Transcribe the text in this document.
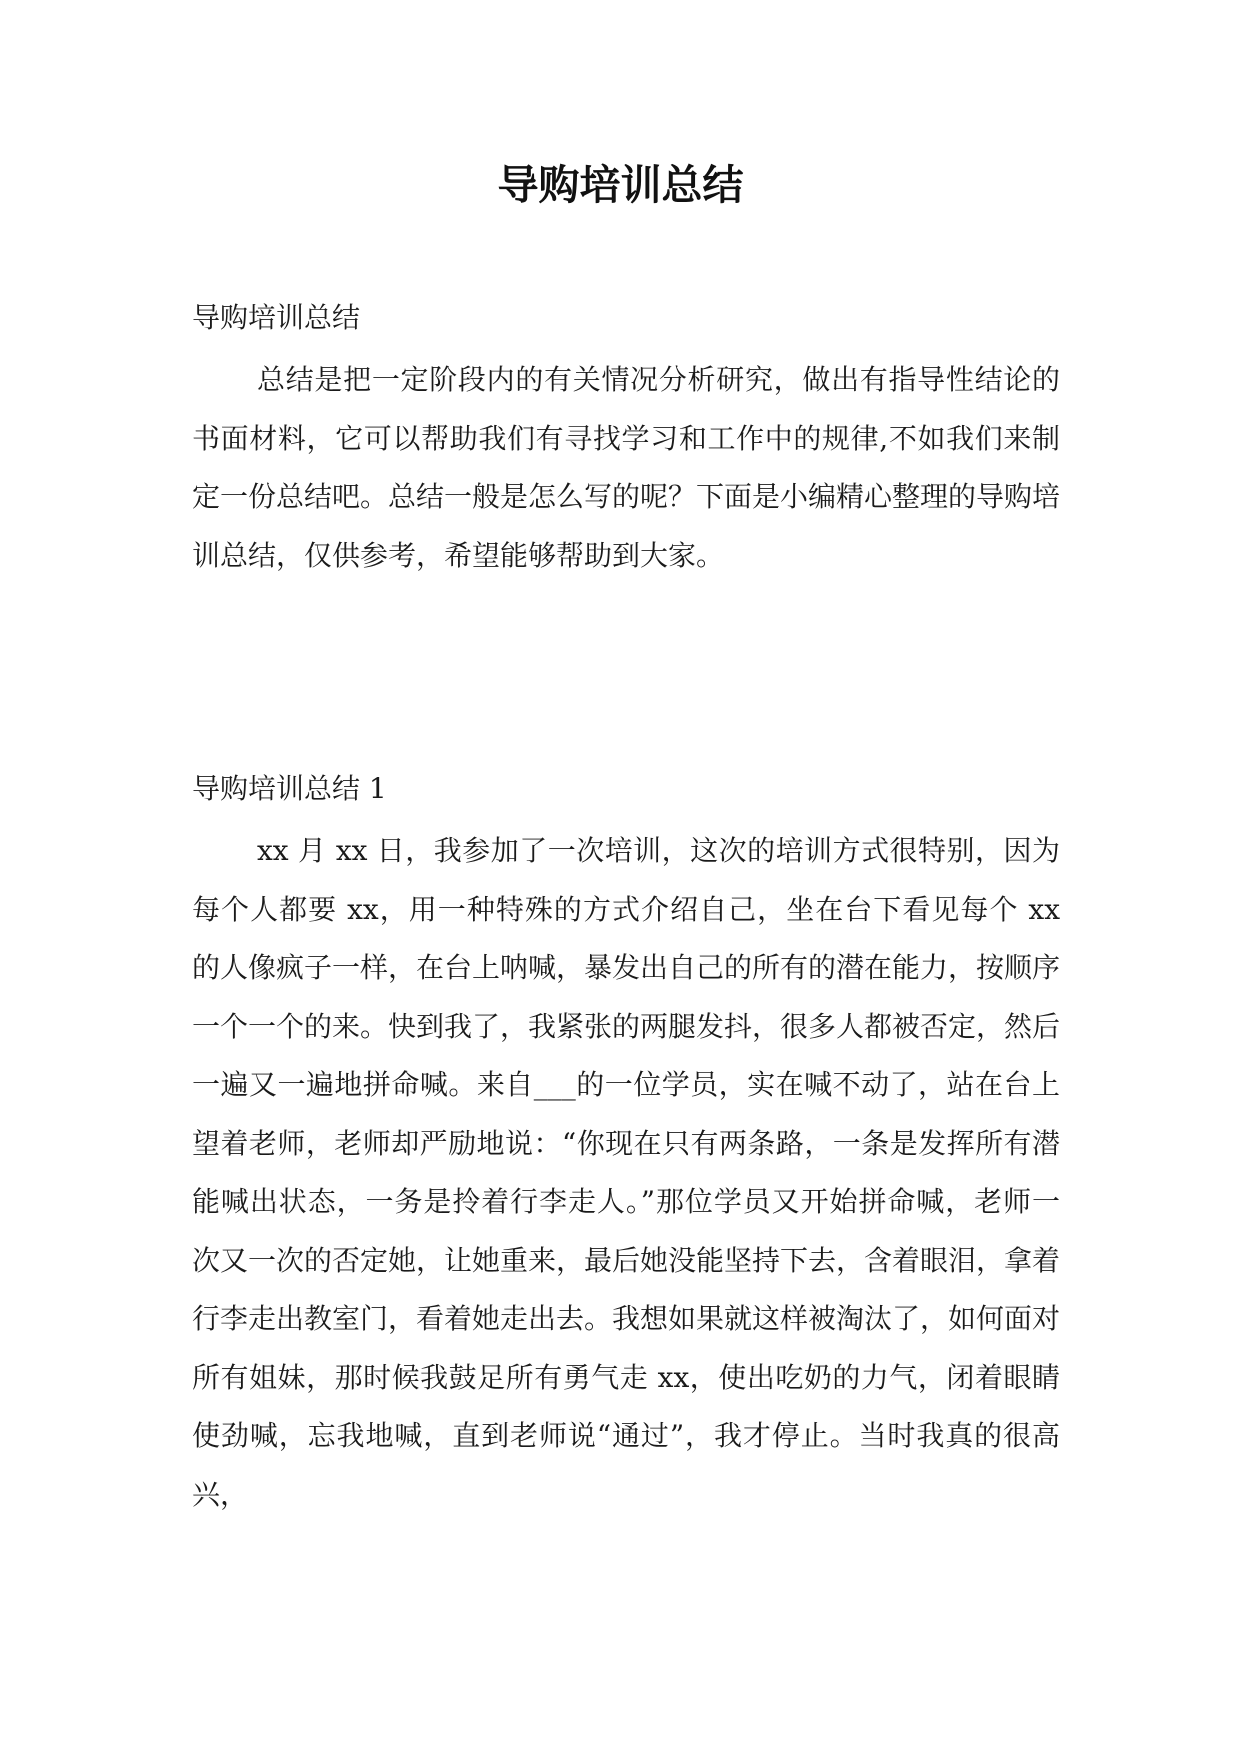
导购培训总结
导购培训总结

总结是把一定阶段内的有关情况分析研究，做出有指导性结论的书面材料，它可以帮助我们有寻找学习和工作中的规律,不如我们来制定一份总结吧。总结一般是怎么写的呢？下面是小编精心整理的导购培训总结，仅供参考，希望能够帮助到大家。

导购培训总结 1

xx 月 xx 日，我参加了一次培训，这次的培训方式很特别，因为每个人都要 xx，用一种特殊的方式介绍自己，坐在台下看见每个 xx 的人像疯子一样，在台上呐喊，暴发出自己的所有的潜在能力，按顺序一个一个的来。快到我了，我紧张的两腿发抖，很多人都被否定，然后一遍又一遍地拼命喊。来自___的一位学员，实在喊不动了，站在台上望着老师，老师却严励地说：“你现在只有两条路，一条是发挥所有潜能喊出状态，一务是拎着行李走人。”那位学员又开始拼命喊，老师一次又一次的否定她，让她重来，最后她没能坚持下去，含着眼泪，拿着行李走出教室门，看着她走出去。我想如果就这样被淘汰了，如何面对所有姐妹，那时候我鼓足所有勇气走 xx，使出吃奶的力气，闭着眼睛使劲喊，忘我地喊，直到老师说“通过”，我才停止。当时我真的很高兴，
